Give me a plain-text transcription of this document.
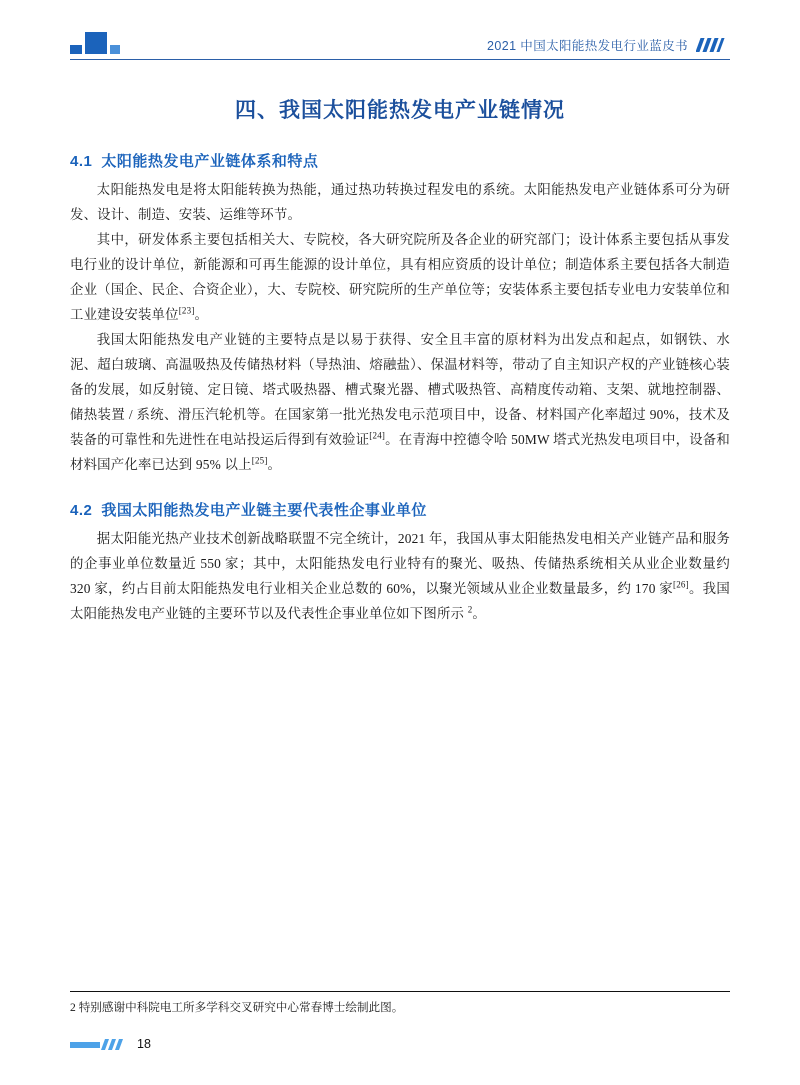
2021 中国太阳能热发电行业蓝皮书
四、我国太阳能热发电产业链情况
4.1 太阳能热发电产业链体系和特点

太阳能热发电是将太阳能转换为热能，通过热功转换过程发电的系统。太阳能热发电产业链体系可分为研发、设计、制造、安装、运维等环节。

其中，研发体系主要包括相关大、专院校，各大研究院所及各企业的研究部门；设计体系主要包括从事发电行业的设计单位，新能源和可再生能源的设计单位，具有相应资质的设计单位；制造体系主要包括各大制造企业（国企、民企、合资企业），大、专院校、研究院所的生产单位等；安装体系主要包括专业电力安装单位和工业建设安装单位[23]。

我国太阳能热发电产业链的主要特点是以易于获得、安全且丰富的原材料为出发点和起点，如钢铁、水泥、超白玻璃、高温吸热及传储热材料（导热油、熔融盐）、保温材料等，带动了自主知识产权的产业链核心装备的发展，如反射镜、定日镜、塔式吸热器、槽式聚光器、槽式吸热管、高精度传动箱、支架、就地控制器、储热装置 / 系统、滑压汽轮机等。在国家第一批光热发电示范项目中，设备、材料国产化率超过 90%，技术及装备的可靠性和先进性在电站投运后得到有效验证[24]。在青海中控德令哈 50MW 塔式光热发电项目中，设备和材料国产化率已达到 95% 以上[25]。

4.2 我国太阳能热发电产业链主要代表性企事业单位

据太阳能光热产业技术创新战略联盟不完全统计，2021 年，我国从事太阳能热发电相关产业链产品和服务的企事业单位数量近 550 家；其中，太阳能热发电行业特有的聚光、吸热、传储热系统相关从业企业数量约 320 家，约占目前太阳能热发电行业相关企业总数的 60%，以聚光领域从业企业数量最多，约 170 家[26]。我国太阳能热发电产业链的主要环节以及代表性企事业单位如下图所示 $^2$。

2 特别感谢中科院电工所多学科交叉研究中心常春博士绘制此图。

18
